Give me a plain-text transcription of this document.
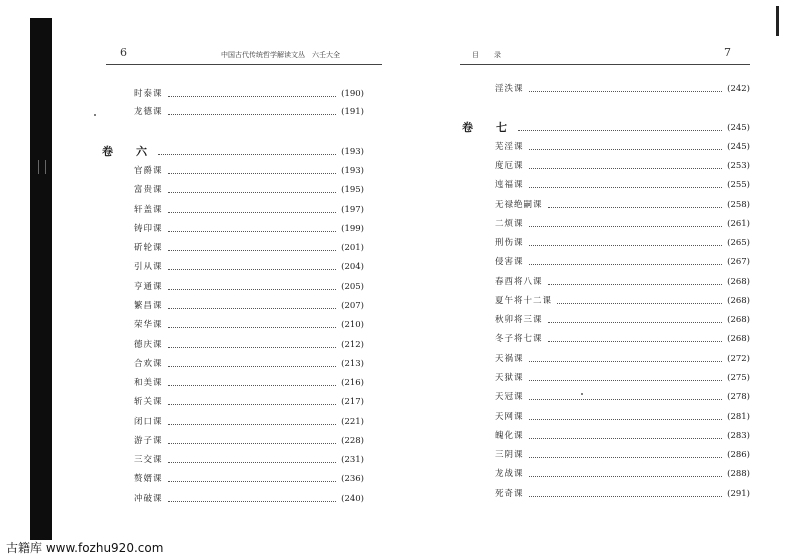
6	中国古代传统哲学解读文丛　六壬大全
时泰课	(190)
龙德课	(191)
卷　六	(193)
官爵课	(193)
富贵课	(195)
轩盖课	(197)
铸印课	(199)
斫轮课	(201)
引从课	(204)
亨通课	(205)
繁昌课	(207)
荣华课	(210)
德庆课	(212)
合欢课	(213)
和美课	(216)
斩关课	(217)
闭口课	(221)
游子课	(228)
三交课	(231)
赘婿课	(236)
冲破课	(240)
目　录	7
淫泆课	(242)
卷　七	(245)
芜淫课	(245)
度厄课	(253)
迍福课	(255)
无禄绝嗣课	(258)
二烦课	(261)
刑伤课	(265)
侵害课	(267)
春酉将八课	(268)
夏午将十二课	(268)
秋卯将三课	(268)
冬子将七课	(268)
天祸课	(272)
天狱课	(275)
天冠课	(278)
天网课	(281)
魄化课	(283)
三阴课	(286)
龙战课	(288)
死奇课	(291)
古籍库 www.fozhu920.com
